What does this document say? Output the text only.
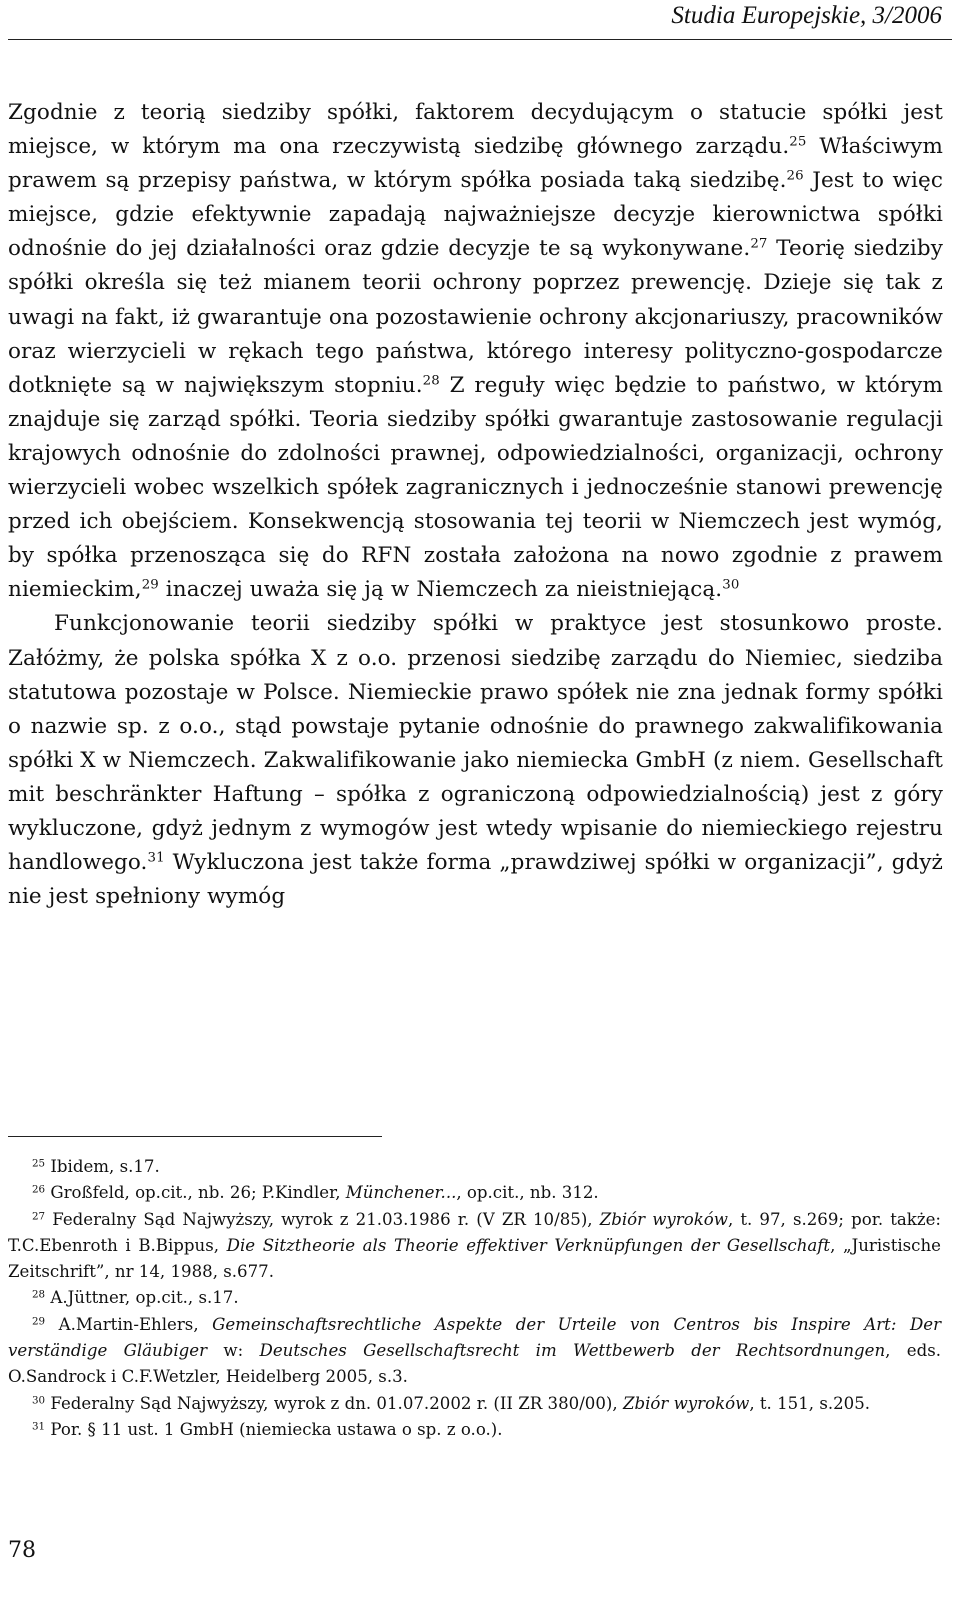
Studia Europejskie, 3/2006

Zgodnie z teorią siedziby spółki, faktorem decydującym o statucie spółki jest miejsce, w którym ma ona rzeczywistą siedzibę głównego zarządu.$^{25}$ Właściwym prawem są przepisy państwa, w którym spółka posiada taką siedzibę.$^{26}$ Jest to więc miejsce, gdzie efektywnie zapadają najważniejsze decyzje kierownictwa spółki odnośnie do jej działalności oraz gdzie decyzje te są wykonywane.$^{27}$ Teorię siedziby spółki określa się też mianem teorii ochrony poprzez prewencję. Dzieje się tak z uwagi na fakt, iż gwarantuje ona pozostawienie ochrony akcjonariuszy, pracowników oraz wierzycieli w rękach tego państwa, którego interesy polityczno-gospodarcze dotknięte są w największym stopniu.$^{28}$ Z reguły więc będzie to państwo, w którym znajduje się zarząd spółki. Teoria siedziby spółki gwarantuje zastosowanie regulacji krajowych odnośnie do zdolności prawnej, odpowiedzialności, organizacji, ochrony wierzycieli wobec wszelkich spółek zagranicznych i jednocześnie stanowi prewencję przed ich obejściem. Konsekwencją stosowania tej teorii w Niemczech jest wymóg, by spółka przenosząca się do RFN została założona na nowo zgodnie z prawem niemieckim,$^{29}$ inaczej uważa się ją w Niemczech za nieistniejącą.$^{30}$

Funkcjonowanie teorii siedziby spółki w praktyce jest stosunkowo proste. Załóżmy, że polska spółka X z o.o. przenosi siedzibę zarządu do Niemiec, siedziba statutowa pozostaje w Polsce. Niemieckie prawo spółek nie zna jednak formy spółki o nazwie sp. z o.o., stąd powstaje pytanie odnośnie do prawnego zakwalifikowania spółki X w Niemczech. Zakwalifikowanie jako niemiecka GmbH (z niem. Gesellschaft mit beschränkter Haftung – spółka z ograniczoną odpowiedzialnością) jest z góry wykluczone, gdyż jednym z wymogów jest wtedy wpisanie do niemieckiego rejestru handlowego.$^{31}$ Wykluczona jest także forma „prawdziwej spółki w organizacji”, gdyż nie jest spełniony wymóg

$^{25}$ Ibidem, s.17.

$^{26}$ Großfeld, op.cit., nb. 26; P.Kindler, Münchener..., op.cit., nb. 312.

$^{27}$ Federalny Sąd Najwyższy, wyrok z 21.03.1986 r. (V ZR 10/85), Zbiór wyroków, t. 97, s.269; por. także: T.C.Ebenroth i B.Bippus, Die Sitztheorie als Theorie effektiver Verknüpfungen der Gesellschaft, „Juristische Zeitschrift”, nr 14, 1988, s.677.

$^{28}$ A.Jüttner, op.cit., s.17.

$^{29}$ A.Martin-Ehlers, Gemeinschaftsrechtliche Aspekte der Urteile von Centros bis Inspire Art: Der verständige Gläubiger w: Deutsches Gesellschaftsrecht im Wettbewerb der Rechtsordnungen, eds. O.Sandrock i C.F.Wetzler, Heidelberg 2005, s.3.

$^{30}$ Federalny Sąd Najwyższy, wyrok z dn. 01.07.2002 r. (II ZR 380/00), Zbiór wyroków, t. 151, s.205.

$^{31}$ Por. § 11 ust. 1 GmbH (niemiecka ustawa o sp. z o.o.).

78
